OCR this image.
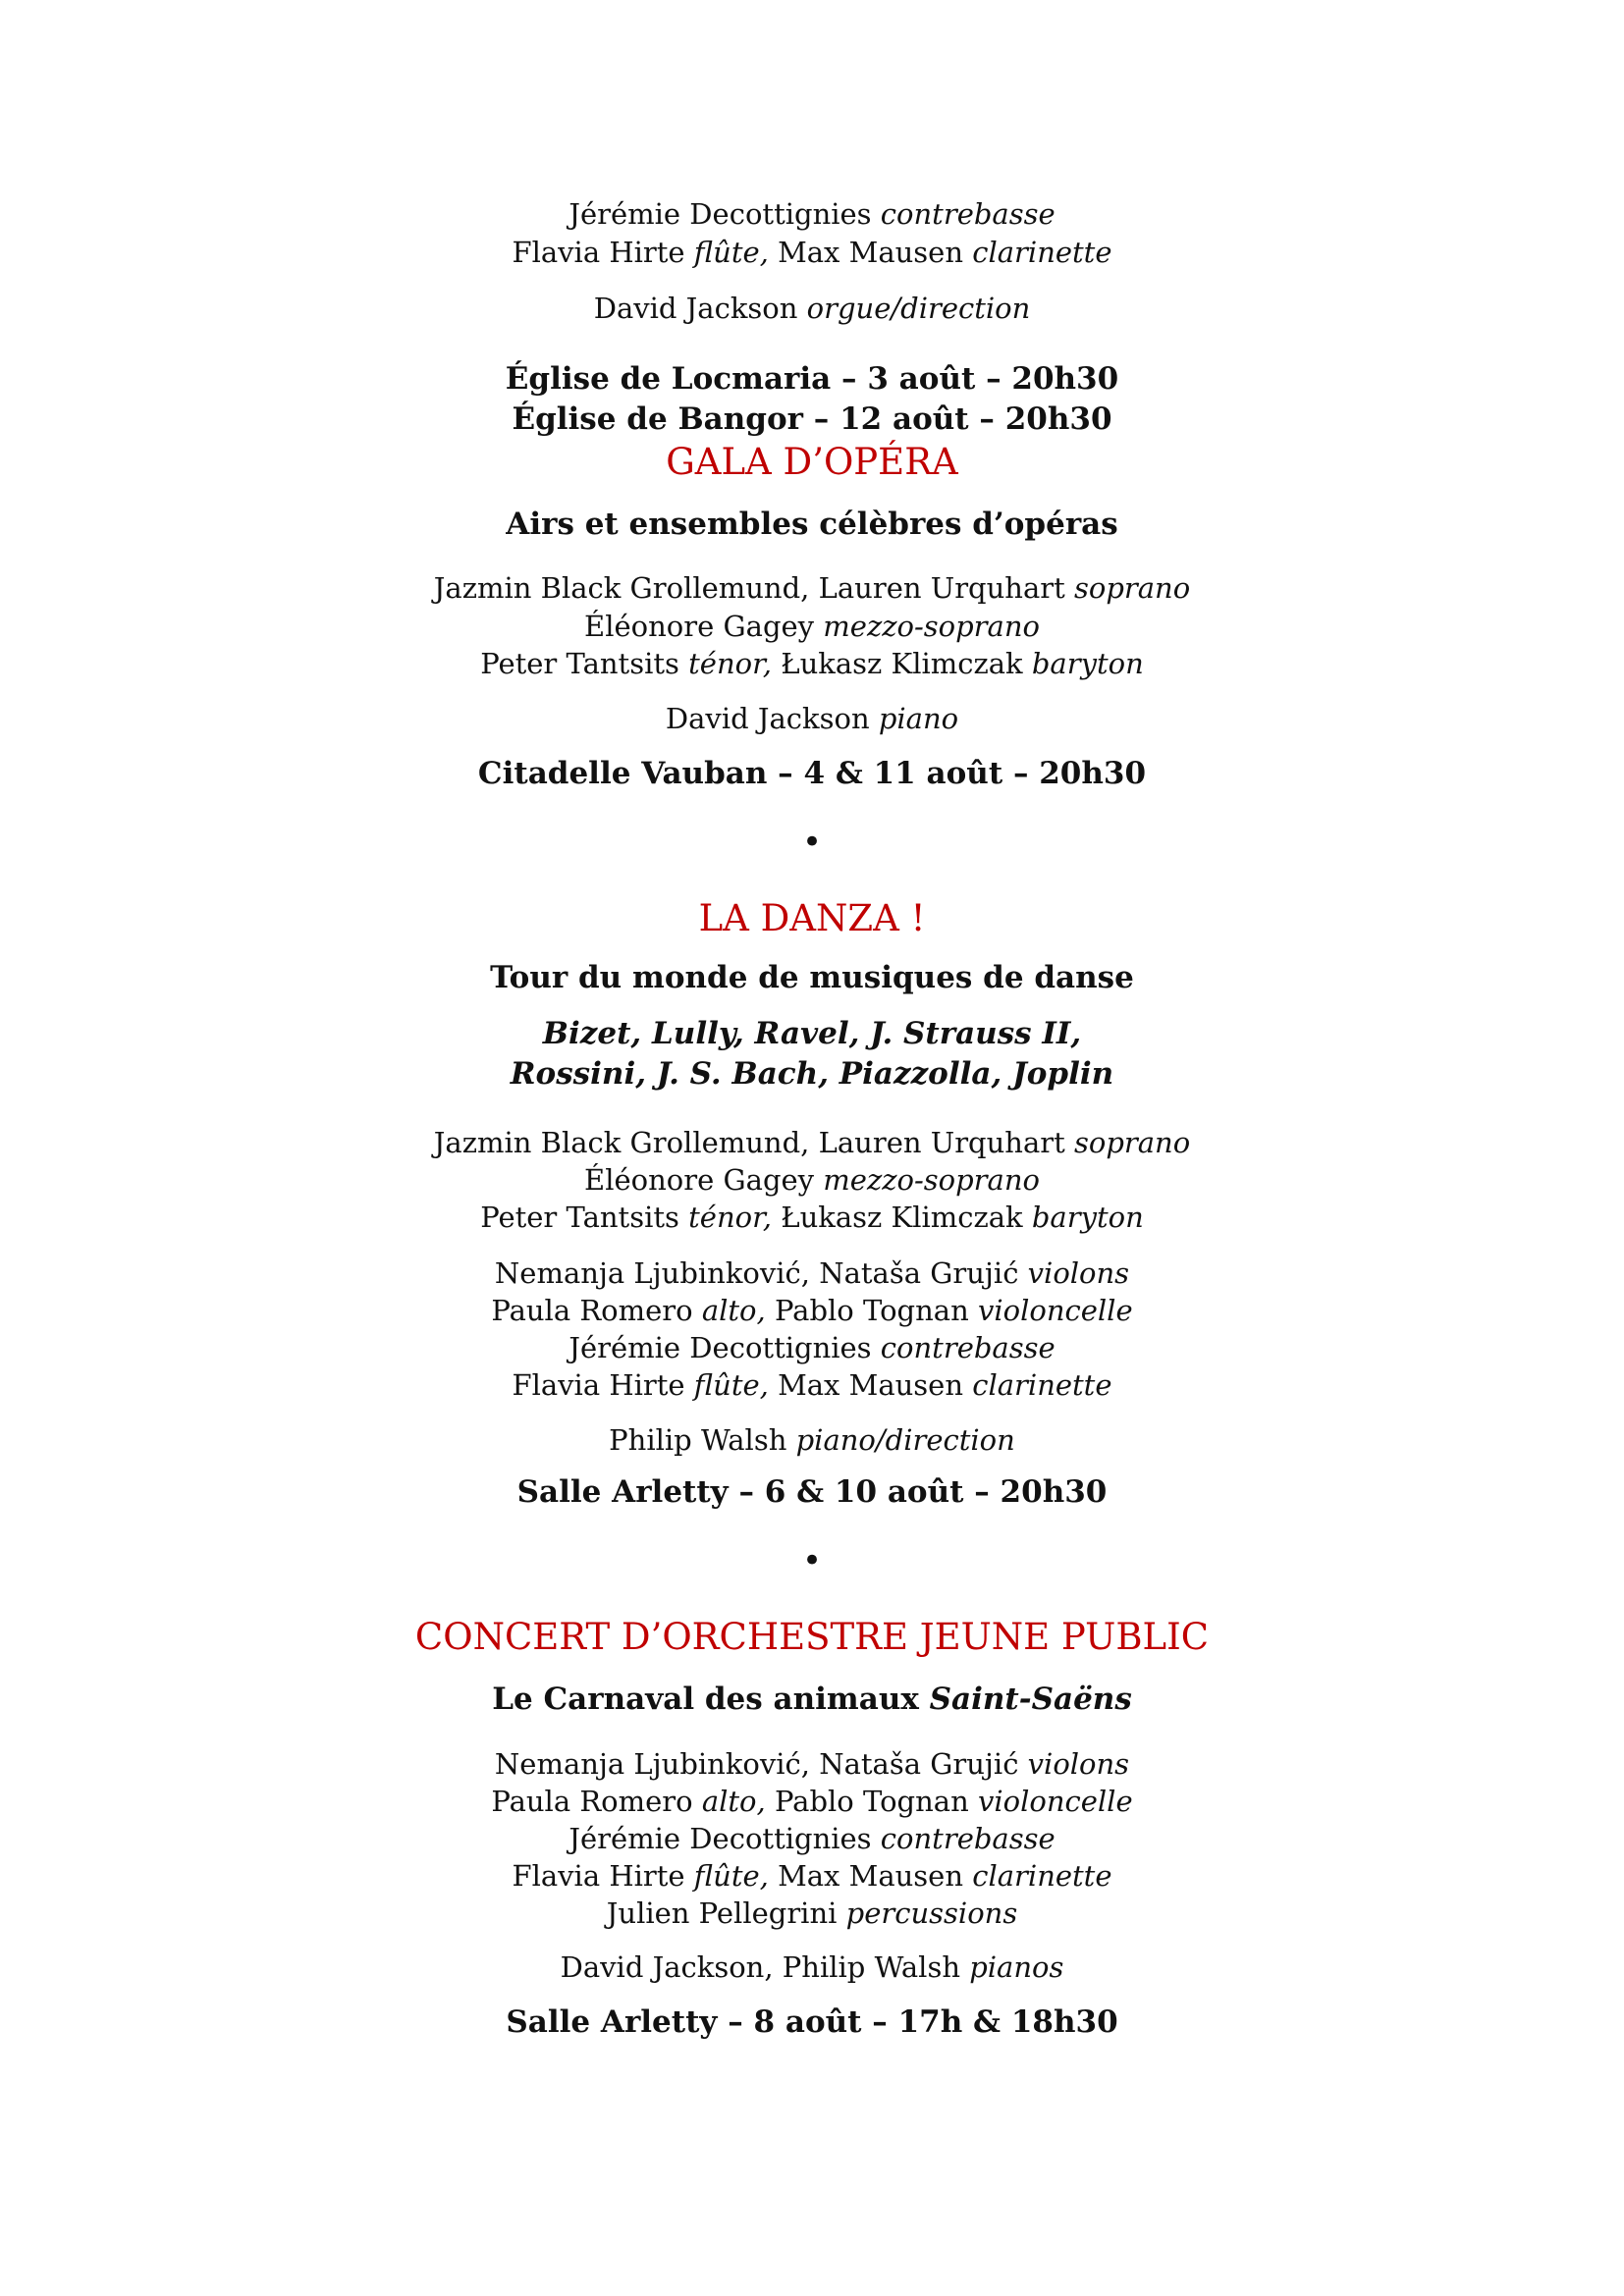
Jérémie Decottignies contrebasse
Flavia Hirte flûte, Max Mausen clarinette
David Jackson orgue/direction
Église de Locmaria – 3 août – 20h30
Église de Bangor – 12 août – 20h30
GALA D’OPÉRA
Airs et ensembles célèbres d’opéras
Jazmin Black Grollemund, Lauren Urquhart soprano
Éléonore Gagey mezzo-soprano
Peter Tantsits ténor, Łukasz Klimczak baryton
David Jackson piano
Citadelle Vauban – 4 & 11 août – 20h30
•
LA DANZA !
Tour du monde de musiques de danse
Bizet, Lully, Ravel, J. Strauss II,
Rossini, J. S. Bach, Piazzolla, Joplin
Jazmin Black Grollemund, Lauren Urquhart soprano
Éléonore Gagey mezzo-soprano
Peter Tantsits ténor, Łukasz Klimczak baryton
Nemanja Ljubinković, Nataša Grujić violons
Paula Romero alto, Pablo Tognan violoncelle
Jérémie Decottignies contrebasse
Flavia Hirte flûte, Max Mausen clarinette
Philip Walsh piano/direction
Salle Arletty – 6 & 10 août – 20h30
•
CONCERT D’ORCHESTRE JEUNE PUBLIC
Le Carnaval des animaux Saint-Saëns
Nemanja Ljubinković, Nataša Grujić violons
Paula Romero alto, Pablo Tognan violoncelle
Jérémie Decottignies contrebasse
Flavia Hirte flûte, Max Mausen clarinette
Julien Pellegrini percussions
David Jackson, Philip Walsh pianos
Salle Arletty – 8 août – 17h & 18h30
